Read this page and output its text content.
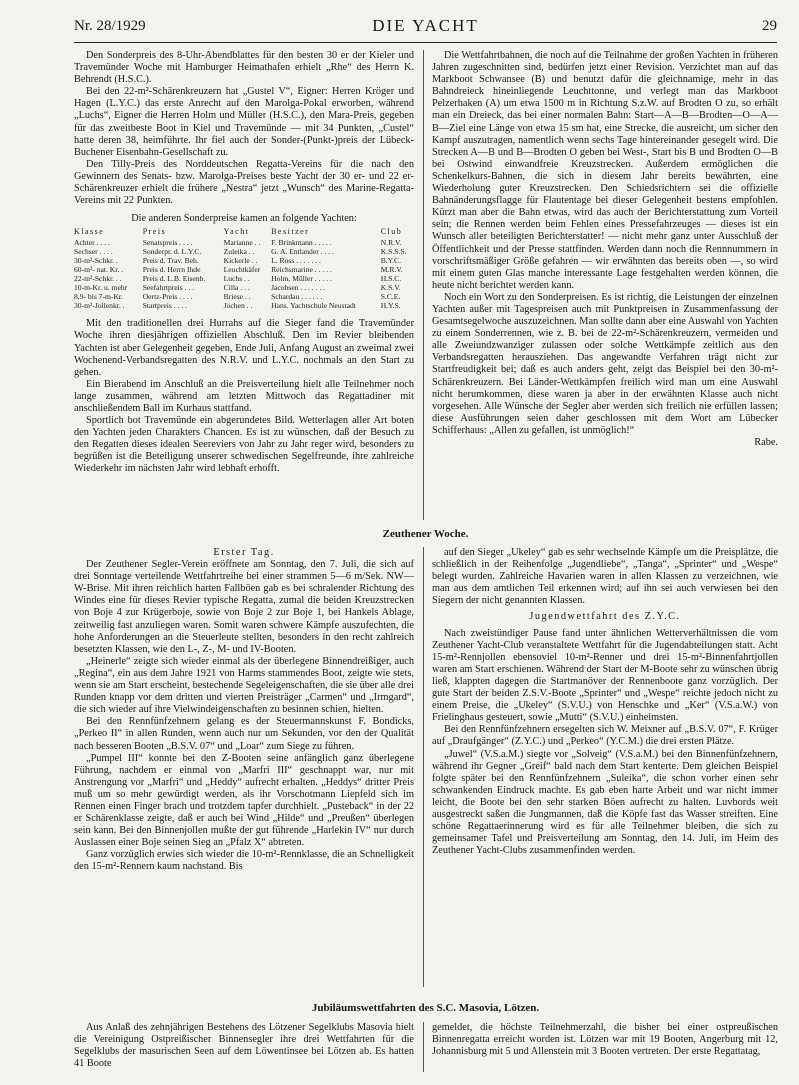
Nr. 28/1929	DIE YACHT	29

Den Sonderpreis des 8-Uhr-Abendblattes für den besten 30 er der Kieler und Travemünder Woche mit Hamburger Heimathafen erhielt „Rhe“ des Herrn K. Behrendt (H.S.C.).

Bei den 22-m²-Schärenkreuzern hat „Gustel V“, Eigner: Herren Kröger und Hagen (L.Y.C.) das erste Anrecht auf den Marolga-Pokal erworben, während „Luchs“, Eigner die Herren Holm und Müller (H.S.C.), den Mara-Preis, gegeben für das zweitbeste Boot in Kiel und Travemünde — mit 34 Punkten, „Custel“ hatte deren 38, heimführte. Ihr fiel auch der Sonder-(Punkt-)preis der Lübeck-Buchener Eisenbahn-Gesellschaft zu.

Den Tilly-Preis des Norddeutschen Regatta-Vereins für die nach den Gewinnern des Senats- bzw. Marolga-Preises beste Yacht der 30 er- und 22 er-Schärenkreuzer erhielt die frühere „Nestra“ jetzt „Wunsch“ des Marine-Regatta-Vereins mit 22 Punkten.

Die anderen Sonderpreise kamen an folgende Yachten:

Klasse	Preis	Yacht	Besitzer	Club
Achter . . . .	Senatspreis . . . .	Marianne . .	F. Brinkmann . . . . .	N.R.V.
Sechser . . . .	Sonderpr. d. L.Y.C.	Zuleika . .	G. A. Entlander . . . .	K.S.S.S.
30-m²-Schkr. .	Preis d. Trav. Beh.	Kickerle . .	L. Ross . . . . . . .	B.Y.C.
60-m²- nat. Kr. .	Preis d. Herrn Ihde	Leuchtkäfer	Reichsmarine . . . . .	M.R.V.
22-m²-Schkr. . .	Preis d. L.B. Eisenb.	Luchs . .	Holm, Müller . . . . .	H.S.C.
10-m-Kr. u. mehr	Seefahrtpreis . . .	Cilla . . .	Jacobsen . . . . . . .	K.S.V.
8,9- bis 7-m-Kr.	Oertz-Preis . . . .	Briese . .	Schardau . . . . . .	S.C.E.
30-m²-Jollenkr. .	Startpreis . . . .	Jochen . .	Hans. Yachtschule Neustadt	H.Y.S.

Mit den traditionellen drei Hurrahs auf die Sieger fand die Travemünder Woche ihren diesjährigen offiziellen Abschluß. Den im Revier bleibenden Yachten ist aber Gelegenheit gegeben, Ende Juli, Anfang August an zweimal zwei Wochenend-Verbandsregatten des N.R.V. und L.Y.C. nochmals an den Start zu gehen.

Ein Bierabend im Anschluß an die Preisverteilung hielt alle Teilnehmer noch lange zusammen, während am letzten Mittwoch das Regattadiner mit anschließendem Ball im Kurhaus stattfand.

Sportlich bot Travemünde ein abgerundetes Bild. Wetterlagen aller Art boten den Yachten jeden Charakters Chancen. Es ist zu wünschen, daß der Besuch zu den Regatten dieses idealen Seereviers von Jahr zu Jahr reger wird, besonders zu begrüßen ist die Beteiligung unserer schwedischen Segelfreunde, ihre zahlreiche Wiederkehr im nächsten Jahr wird lebhaft erhofft.

Die Wettfahrtbahnen, die noch auf die Teilnahme der großen Yachten in früheren Jahren zugeschnitten sind, bedürfen jetzt einer Revision. Verzichtet man auf das Markboot Schwansee (B) und benutzt dafür die gleichnamige, mehr in das Bahndreieck hineinliegende Leuchttonne, und verlegt man das Markboot Pelzerhaken (A) um etwa 1500 m in Richtung S.z.W. auf Brodten O zu, so erhält man ein Dreieck, das bei einer normalen Bahn: Start—A—B—Brodten—O—A—B—Ziel eine Länge von etwa 15 sm hat, eine Strecke, die ausreicht, um sicher den Kampf auszutragen, namentlich wenn sechs Tage hintereinander gesegelt wird. Die Strecken A—B und B—Brodten O geben bei West-, Start bis B und Brodten O—B bei Ostwind einwandfreie Kreuzstrecken. Außerdem ermöglichen die Schenkelkurs-Bahnen, die sich in diesem Jahr bereits bewährten, eine Wiederholung guter Kreuzstrecken. Den Schiedsrichtern sei die offizielle Bahnänderungsflagge für Flautentage bei dieser Gelegenheit bestens empfohlen. Kürzt man aber die Bahn etwas, wird das auch der Berichterstattung zum Vorteil sein; die Rennen werden beim Fehlen eines Pressefahrzeuges — dieses ist ein Wunsch aller beteiligten Berichterstatter! — nicht mehr ganz unter Ausschluß der Öffentlichkeit und der Presse stattfinden. Werden dann noch die Rennnummern in vorschriftsmäßiger Größe gefahren — wir erwähnten das bereits oben —, so wird mit einem guten Glas manche interessante Lage festgehalten werden können, die heute nicht berichtet werden kann.

Noch ein Wort zu den Sonderpreisen. Es ist richtig, die Leistungen der einzelnen Yachten außer mit Tagespreisen auch mit Punktpreisen in Zusammenfassung der Gesamtsegelwoche auszuzeichnen. Man sollte dann aber eine Auswahl von Yachten zu einem Sonderrennen, wie z. B. bei de 22-m²-Schärenkreuzern, vermeiden und alle Zweiundzwanziger zulassen oder solche Wettkämpfe zeitlich aus den Verbandsregatten herausziehen. Das angewandte Verfahren trägt nicht zur Startfreudigkeit bei; daß es auch anders geht, zeigt das Beispiel bei den 30-m²-Schärenkreuzern. Bei Länder-Wettkämpfen freilich wird man um eine Auswahl nicht herumkommen, diese waren ja aber in der erwähnten Klasse auch nicht vorgesehen. Alle Wünsche der Segler aber werden sich freilich nie erfüllen lassen; diese Ausführungen seien daher geschlossen mit dem Wort am Lübecker Schifferhaus: „Allen zu gefallen, ist unmöglich!“

Rabe.

Zeuthener Woche.

Erster Tag.

Der Zeuthener Segler-Verein eröffnete am Sonntag, den 7. Juli, die sich auf drei Sonntage verteilende Wettfahrtreihe bei einer strammen 5—6 m/Sek. NW—W-Brise. Mit ihren reichlich harten Fallböen gab es bei schralender Richtung des Windes eine für dieses Revier typische Regatta, zumal die beiden Kreuzstrecken von Boje 4 zur Krügerboje, sowie von Boje 2 zur Boje 1, bei Hankels Ablage, zeitweilig fast anzuliegen waren. Somit waren schwere Kämpfe auszufechten, die hohe Anforderungen an die Steuerleute stellten, besonders in den recht zahlreich besetzten Klassen, wie den L-, Z-, M- und IV-Booten.

„Heinerle“ zeigte sich wieder einmal als der überlegene Binnendreißiger, auch „Regina“, ein aus dem Jahre 1921 von Harms stammendes Boot, zeigte wie stets, wenn sie am Start erscheint, bestechende Segeleigenschaften, die sie über alle drei Runden knapp vor dem dritten und vierten Preisträger „Carmen“ und „Irmgard“, die sich wieder auf ihre Vielwindeigenschaften zu besinnen schien, hielten.

Bei den Rennfünfzehnern gelang es der Steuermannskunst F. Bondicks, „Perkeo II“ in allen Runden, wenn auch nur um Sekunden, vor den der Qualität nach besseren Booten „B.S.V. 07“ und „Loar“ zum Siege zu führen.

„Pumpel III“ konnte bei den Z-Booten seine anfänglich ganz überlegene Führung, nachdem er einmal von „Marfri III“ geschnappt war, nur mit Anstrengung vor „Marfri“ und „Heddy“ aufrecht erhalten. „Heddys“ dritter Preis muß um so mehr gewürdigt werden, als ihr Vorschotmann Liepfeld sich im Rennen einen Finger brach und trotzdem tapfer durchhielt. „Pusteback“ in der 22 er Schärenklasse zeigte, daß er auch bei Wind „Hilde“ und „Preußen“ überlegen sein kann. Bei den Binnenjollen mußte der gut führende „Harlekin IV“ nur durch Auslassen einer Boje seinen Sieg an „Pfalz X“ abtreten.

Ganz vorzüglich erwies sich wieder die 10-m²-Rennklasse, die an Schnelligkeit den 15-m²-Rennern kaum nachstand. Bis

auf den Sieger „Ukeley“ gab es sehr wechselnde Kämpfe um die Preisplätze, die schließlich in der Reihenfolge „Jugendliebe“, „Tanga“, „Sprinter“ und „Wespe“ belegt wurden. Zahlreiche Havarien waren in allen Klassen zu verzeichnen, wie man aus dem amtlichen Teil erkennen wird; auf ihn sei auch verwiesen bei den Siegern der nicht genannten Klassen.

Jugendwettfahrt des Z.Y.C.

Nach zweistündiger Pause fand unter ähnlichen Wetterverhältnissen die vom Zeuthener Yacht-Club veranstaltete Wettfahrt für die Jugendabteilungen statt. Acht 15-m²-Rennjollen ebensoviel 10-m²-Renner und drei 15-m²-Binnenfahrtjollen waren am Start erschienen. Während der Start der M-Boote sehr zu wünschen übrig ließ, klappten dagegen die Startmanöver der Rennenboote ganz vorzüglich. Der gute Start der beiden Z.S.V.-Boote „Sprinter“ und „Wespe“ reichte jedoch nicht zu einem Preise, die „Ukeley“ (S.V.U.) von Henschke und „Ker“ (V.S.a.W.) von Frielinghaus gesteuert, sowie „Mutti“ (S.V.U.) einheimsten.

Bei den Rennfünfzehnern ersegelten sich W. Meixner auf „B.S.V. 07“, F. Krüger auf „Draufgänger“ (Z.Y.C.) und „Perkeo“ (Y.C.M.) die drei ersten Plätze.

„Juwel“ (V.S.a.M.) siegte vor „Solveig“ (V.S.a.M.) bei den Binnenfünfzehnern, während ihr Gegner „Greif“ bald nach dem Start kenterte. Dem gleichen Beispiel folgte später bei den Rennfünfzehnern „Suleika“, die schon vorher einen sehr schwankenden Eindruck machte. Es gab eben harte Arbeit und war nicht immer leicht, die Boote bei den sehr starken Böen aufrecht zu halten. Luvbords weit ausgestreckt saßen die Jungmannen, daß die Köpfe fast das Wasser streiften. Eine schöne Regattaerinnerung wird es für alle Teilnehmer bleiben, die sich zu gemeinsamer Tafel und Preisverteilung am Sonntag, den 14. Juli, im Heim des Zeuthener Yacht-Clubs zusammenfinden werden.

Jubiläumswettfahrten des S.C. Masovia, Lötzen.

Aus Anlaß des zehnjährigen Bestehens des Lötzener Segelklubs Masovia hielt die Vereinigung Ostpreißischer Binnensegler ihre drei Wettfahrten für die Segelklubs der masurischen Seen auf dem Löwentinsee bei Lötzen ab. Es hatten 41 Boote

gemeldet, die höchste Teilnehmerzahl, die bisher bei einer ostpreußischen Binnenregatta erreicht worden ist. Lötzen war mit 19 Booten, Angerburg mit 12, Johannisburg mit 5 und Allenstein mit 3 Booten vertreten. Der erste Regattatag,
